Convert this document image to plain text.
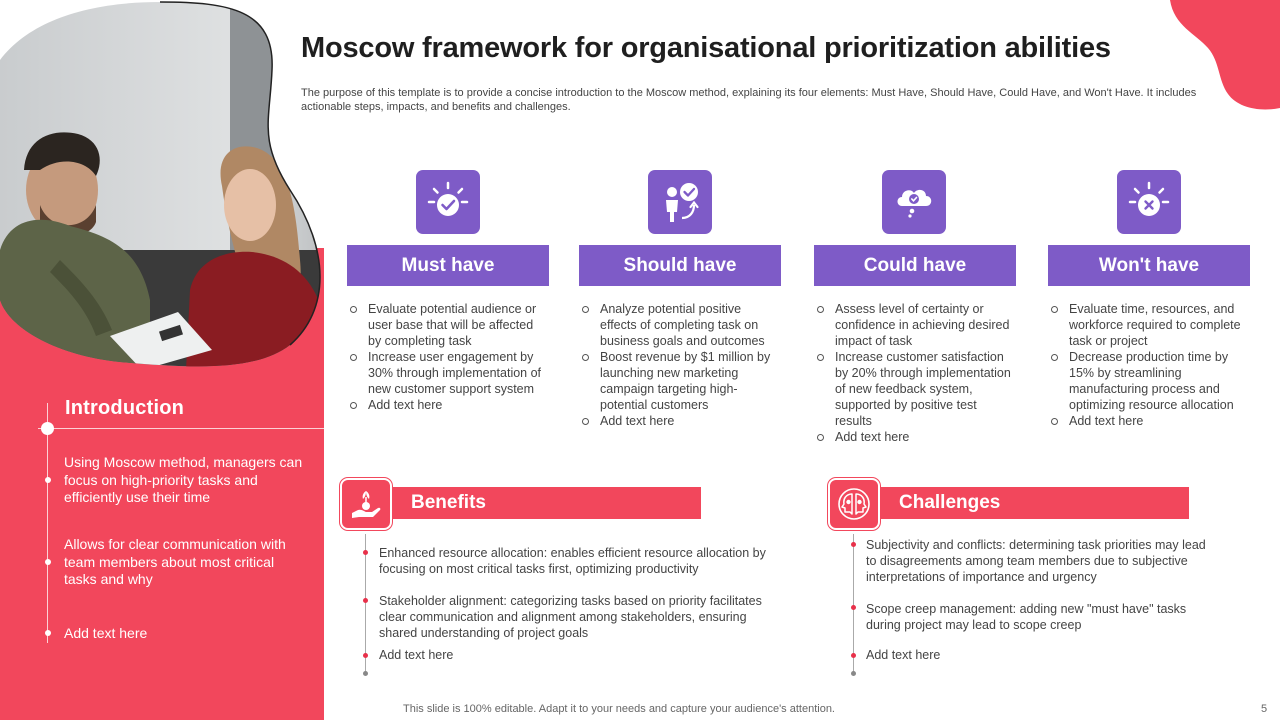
Introduction
Using Moscow method, managers can focus on high-priority tasks and efficiently use their time
Allows for clear communication with team members about most critical tasks and why
Add text here
Moscow framework for organisational prioritization abilities
The purpose of this template is to provide a concise introduction to the Moscow method, explaining its four elements: Must Have, Should Have, Could Have, and Won't Have. It includes actionable steps, impacts, and benefits and challenges.
Must have
Evaluate potential audience or user base that will be affected by completing task
Increase user engagement by 30% through implementation of new customer support system
Add text here
Should have
Analyze potential positive effects of completing task on business goals and outcomes
Boost revenue by $1 million by launching new marketing campaign targeting high-potential customers
Add text here
Could have
Assess level of certainty or confidence in achieving desired impact of task
Increase customer satisfaction by 20% through implementation of new feedback system, supported by positive test results
Add text here
Won't have
Evaluate time, resources, and workforce required to complete task or project
Decrease production time by 15% by streamlining manufacturing process and optimizing resource allocation
Add text here
Benefits
Enhanced resource allocation: enables efficient resource allocation by focusing on most critical tasks first, optimizing productivity
Stakeholder alignment: categorizing tasks based on priority facilitates clear communication and alignment among stakeholders, ensuring shared understanding of project goals
Add text here
Challenges
Subjectivity and conflicts: determining task priorities may lead to disagreements among team members due to subjective interpretations of importance and urgency
Scope creep management: adding new "must have" tasks during project may lead to scope creep
Add text here
This slide is 100% editable. Adapt it to your needs and capture your audience's attention.	5
